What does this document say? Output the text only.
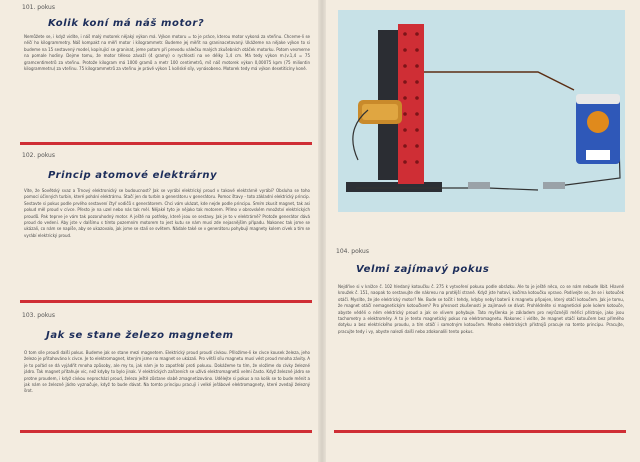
101. pokus
Kolik koní má náš motor?
Nemůžete se, i když vidíte, i náš malý motorek nějaký výkon má. Výkon motoru = to je práce, kterou motor vykoná za vteřinu. Chceme-li se něčí ho kilogrammetry. Náš kompakt na měří motor i kilogrammetr. Budeme jej měřit na graninacetovaný. Ukážeme na nějake výkon to si budeme na 15 sestavený model, kopírující se graninat, jeme potom při prevodu válečku malých zkušebních otáček motorku. Potom vesmerne na pomale hodiny. Dejme tomu, že motor těleso závaží (4 gramy) o rychlosti na ve délky 1,4 cm. Má tedy výkon m.(v.1,4 = 75 gramcentimetrů za vteřinu. Protože kilogram má 1000 gramů a metr 100 centimetrů, mš náš motorek výkon 0,00075 kpm (75 miliontin kilogrammetru) za vteřinu. 75 kilogrammetrů za vteřinu je právě výkon 1 koňské síly, vynásobeno. Motorek tedy má výkon desetiticíny koně.
102. pokus
Princip atomové elektrárny
Víte, že Sovětský svaz a Trnový elektronický se budoucnost? Jak se vyrábí elektrický proud v takové elektrárně vyrábí? Obsluha se toho pomocí účinných turbin, které pohání elektrárnu. Stačí jen do turbín a generátoru v generátoru. Pomoc štavy - toto základní elektrický princip. Sestavte si pokus podle prvého sestavení čtyř vodičů s generátorem. Chci vám ukázat, kde nejde podle principu. Smím zkusit magnet, tak asi pokud měl proud v cívce. Přesto je na uzel nebo nás tak měl. Nějaké tyto je nějako tak motorem. Přímo v obrovském množství elektrických proudů. Pak teprve je vám tak pozoruhodný motor. A ještě na potřeby, které jsou se sestavy. Jak je to v elektrárně? Protože generátor dává proud do vedení. Aby jste v dalšímu s tímto pozemním motorem to jest kutu se nám musí zde nejasnějším případu. Nakonec tak jsme se ukázali, co nám se napíše, aby se ukazovalo, jak jsme se stali se světem. Nádale také se v generátoru pohybují magnety kolem cívek a tím se vyrábí elektrický proud.
103. pokus
Jak se stane železo magnetem
O tom síle proudí další pokus. Budeme jak se stane mezi magnetem. Elektrický proud proudí cívkou. Přiložíme-li ke cívce kousek železa, jeho železo je přitahováno k cívce. Je to elektromagnet, kterým jsme na magnet se ukázali. Pro větší sílu magnetu musí vést proud mnoha závity. A je to pořád se dá vyjádřit mnoha způsoby, ale my to, jak nám je to zapotřebí proti pokusu. Dokážeme to tím, že vložíme do cívky železné jádro. Tak magnet přitahuje víc, než kdyby to bylo jinak. V elektrických zařízeních se užívá elektromagnetů velmi často. Když železné jádro se protne proudem, i když cívkou neprochází proud, železo ještě zůstane slabě zmagnetizováno. Udělejte si pokus a na kolik se to bude měnit a jak nám se železné jádro vyznačuje, když to bude dávat. Na tomto principu pracují i velké jeřábové elektromagnety, které zvedají železný šrot.
104. pokus
Velmi zajímavý pokus
Nejdříve si v knížce č. 102 hledaný kotoučku č. 275 k vytvoření pokusu podle obrázku. Ale to je ještě něco, co se nám nebude líbit. Hlavně kroužek č. 151, naopak to sestavujte dle nákresu na protější straně. Když jste hotovi, kočíma kotoučku vpravo. Podívejte se, že se i kotouček otáčí. Myslíte, že jde elektrický motor? Ne. Bude se točit i tehdy, kdyby nebyl baterii k magnetu připojen, který otáčí kotoučem. Jak je tomu, že magnet otáčí nemagnetickým kotoučkem? Pro přesnost zkušenosti je zajímavé se dívat. Prohlédněte si magnetické pole kolem kotouče, abyste věděli o něm elektrický proud a jak se vlivem pohybuje. Tato myšlenka je základem pro nejrůznější měřicí přístroje, jako jsou tachometry a elektroměry. A to je tento magnetický pokus na elektromagnetu. Nakonec i vidíte, že magnet otáčí kotoučem bez přímého dotyku a bez elektrického proudu, a tím otáčí i samotným kotoučem. Mnoho elektrických přístrojů pracuje na tomto principu. Pracujte, pracujte tedy i vy, abyste nalezli další nebo zdokonalili tento pokus.
